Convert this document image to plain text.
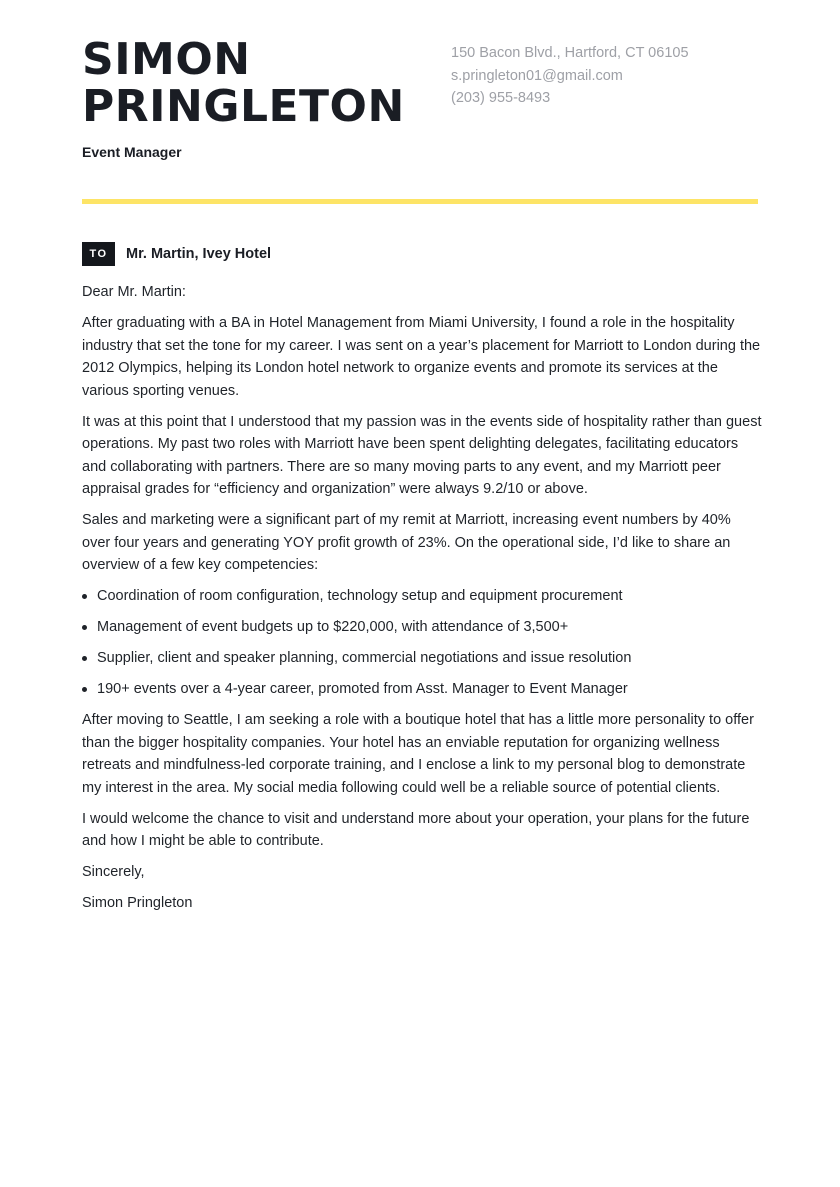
SIMON
PRINGLETON
Event Manager
150 Bacon Blvd., Hartford, CT 06105
s.pringleton01@gmail.com
(203) 955-8493
TO	Mr. Martin, Ivey Hotel

Dear Mr. Martin:

After graduating with a BA in Hotel Management from Miami University, I found a role in the hospitality industry that set the tone for my career. I was sent on a year’s placement for Marriott to London during the 2012 Olympics, helping its London hotel network to organize events and promote its services at the various sporting venues.

It was at this point that I understood that my passion was in the events side of hospitality rather than guest operations. My past two roles with Marriott have been spent delighting delegates, facilitating educators and collaborating with partners. There are so many moving parts to any event, and my Marriott peer appraisal grades for “efficiency and organization” were always 9.2/10 or above.

Sales and marketing were a significant part of my remit at Marriott, increasing event numbers by 40% over four years and generating YOY profit growth of 23%. On the operational side, I’d like to share an overview of a few key competencies:

Coordination of room configuration, technology setup and equipment procurement
Management of event budgets up to $220,000, with attendance of 3,500+
Supplier, client and speaker planning, commercial negotiations and issue resolution
190+ events over a 4-year career, promoted from Asst. Manager to Event Manager

After moving to Seattle, I am seeking a role with a boutique hotel that has a little more personality to offer than the bigger hospitality companies. Your hotel has an enviable reputation for organizing wellness retreats and mindfulness-led corporate training, and I enclose a link to my personal blog to demonstrate my interest in the area. My social media following could well be a reliable source of potential clients.

I would welcome the chance to visit and understand more about your operation, your plans for the future and how I might be able to contribute.

Sincerely,

Simon Pringleton
